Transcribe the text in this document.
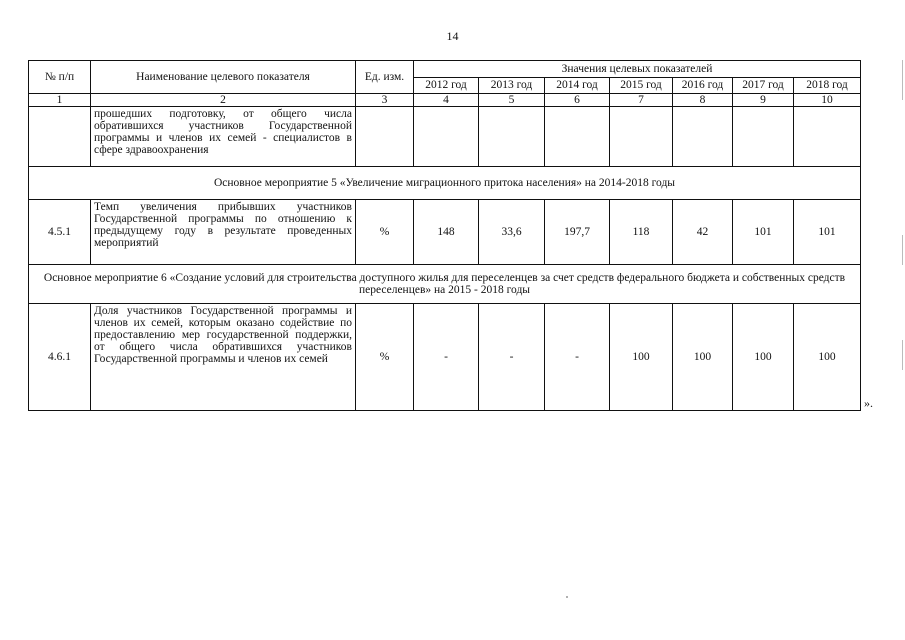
14
№ п/п	Наименование целевого показателя	Ед. изм.	Значения целевых показателей						
			2012 год	2013 год	2014 год	2015 год	2016 год	2017 год	2018 год
1	2	3	4	5	6	7	8	9	10
	прошедших подготовку, от общего числа обратившихся участников Государственной программы и членов их семей - специалистов в сфере здравоохранения								
Основное мероприятие 5 «Увеличение миграционного притока населения» на 2014-2018 годы									
4.5.1	Темп увеличения прибывших участников Государственной программы по отношению к предыдущему году в результате проведенных мероприятий	%	148	33,6	197,7	118	42	101	101
Основное мероприятие 6 «Создание условий для строительства доступного жилья для переселенцев за счет средств федерального бюджета и собственных средств переселенцев» на 2015 - 2018 годы									
4.6.1	Доля участников Государственной программы и членов их семей, которым оказано содействие по предоставлению мер государственной поддержки, от общего числа обратившихся участников Государственной программы и членов их семей	%	-	-	-	100	100	100	100
».
